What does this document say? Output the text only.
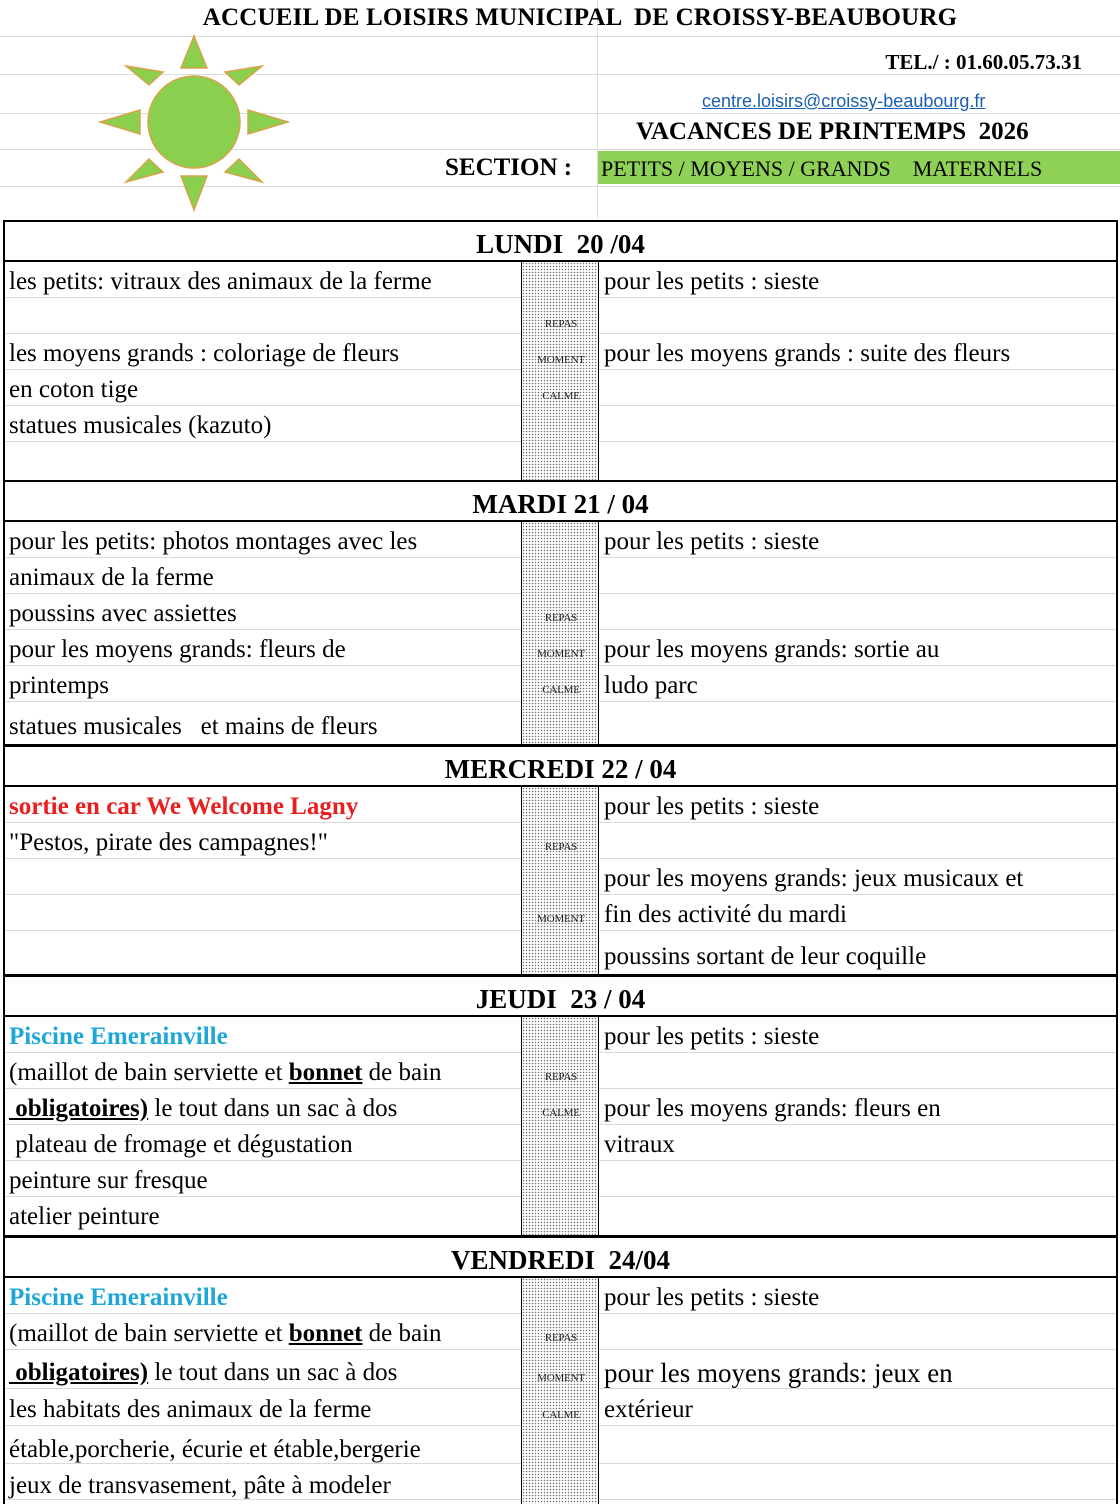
ACCUEIL DE LOISIRS MUNICIPAL  DE CROISSY-BEAUBOURG
TEL./ : 01.60.05.73.31
centre.loisirs@croissy-beaubourg.fr
VACANCES DE PRINTEMPS  2026
SECTION : PETITS / MOYENS / GRANDS    MATERNELS
LUNDI  20 /04
les petits: vitraux des animaux de la ferme
les moyens grands : coloriage de fleurs
en coton tige
statues musicales (kazuto)
REPAS
MOMENT
CALME
pour les petits : sieste
pour les moyens grands : suite des fleurs
MARDI 21 / 04
pour les petits: photos montages avec les
animaux de la ferme
poussins avec assiettes
pour les moyens grands: fleurs de
printemps
statues musicales   et mains de fleurs
REPAS
MOMENT
CALME
pour les petits : sieste
pour les moyens grands: sortie au
ludo parc
MERCREDI 22 / 04
sortie en car We Welcome Lagny
"Pestos, pirate des campagnes!"	REPAS
MOMENT
pour les petits : sieste
pour les moyens grands: jeux musicaux et
fin des activité du mardi
poussins sortant de leur coquille
JEUDI  23 / 04
Piscine Emerainville
(maillot de bain serviette et bonnet de bain
obligatoires) le tout dans un sac à dos
plateau de fromage et dégustation
peinture sur fresque
atelier peinture
REPAS
CALME
pour les petits : sieste
pour les moyens grands: fleurs en
vitraux
VENDREDI  24/04
Piscine Emerainville
(maillot de bain serviette et bonnet de bain
obligatoires) le tout dans un sac à dos
les habitats des animaux de la ferme
étable,porcherie, écurie et étable,bergerie
jeux de transvasement, pâte à modeler
REPAS
MOMENT
CALME
pour les petits : sieste
pour les moyens grands: jeux en
extérieur
